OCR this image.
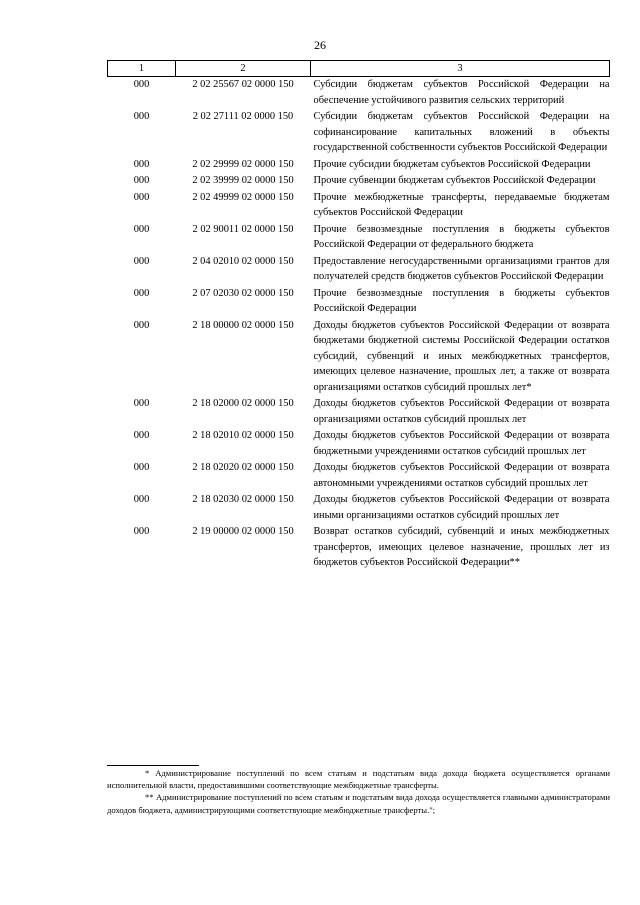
26
1	2	3
000	2 02 25567 02 0000 150	Субсидии бюджетам субъектов Российской Федерации на обеспечение устойчивого развития сельских территорий
000	2 02 27111 02 0000 150	Субсидии бюджетам субъектов Российской Федерации на софинансирование капитальных вложений в объекты государственной собственности субъектов Российской Федерации
000	2 02 29999 02 0000 150	Прочие субсидии бюджетам субъектов Российской Федерации
000	2 02 39999 02 0000 150	Прочие субвенции бюджетам субъектов Российской Федерации
000	2 02 49999 02 0000 150	Прочие межбюджетные трансферты, передаваемые бюджетам субъектов Российской Федерации
000	2 02 90011 02 0000 150	Прочие безвозмездные поступления в бюджеты субъектов Российской Федерации от федерального бюджета
000	2 04 02010 02 0000 150	Предоставление негосударственными организациями грантов для получателей средств бюджетов субъектов Российской Федерации
000	2 07 02030 02 0000 150	Прочие безвозмездные поступления в бюджеты субъектов Российской Федерации
000	2 18 00000 02 0000 150	Доходы бюджетов субъектов Российской Федерации от возврата бюджетами бюджетной системы Российской Федерации остатков субсидий, субвенций и иных межбюджетных трансфертов, имеющих целевое назначение, прошлых лет, а также от возврата организациями остатков субсидий прошлых лет*
000	2 18 02000 02 0000 150	Доходы бюджетов субъектов Российской Федерации от возврата организациями остатков субсидий прошлых лет
000	2 18 02010 02 0000 150	Доходы бюджетов субъектов Российской Федерации от возврата бюджетными учреждениями остатков субсидий прошлых лет
000	2 18 02020 02 0000 150	Доходы бюджетов субъектов Российской Федерации от возврата автономными учреждениями остатков субсидий прошлых лет
000	2 18 02030 02 0000 150	Доходы бюджетов субъектов Российской Федерации от возврата иными организациями остатков субсидий прошлых лет
000	2 19 00000 02 0000 150	Возврат остатков субсидий, субвенций и иных межбюджетных трансфертов, имеющих целевое назначение, прошлых лет из бюджетов субъектов Российской Федерации**

* Администрирование поступлений по всем статьям и подстатьям вида дохода бюджета осуществляется органами исполнительной власти, предоставившими соответствующие межбюджетные трансферты.

** Администрирование поступлений по всем статьям и подстатьям вида дохода осуществляется главными администраторами доходов бюджета, администрирующими соответствующие межбюджетные трансферты.";
